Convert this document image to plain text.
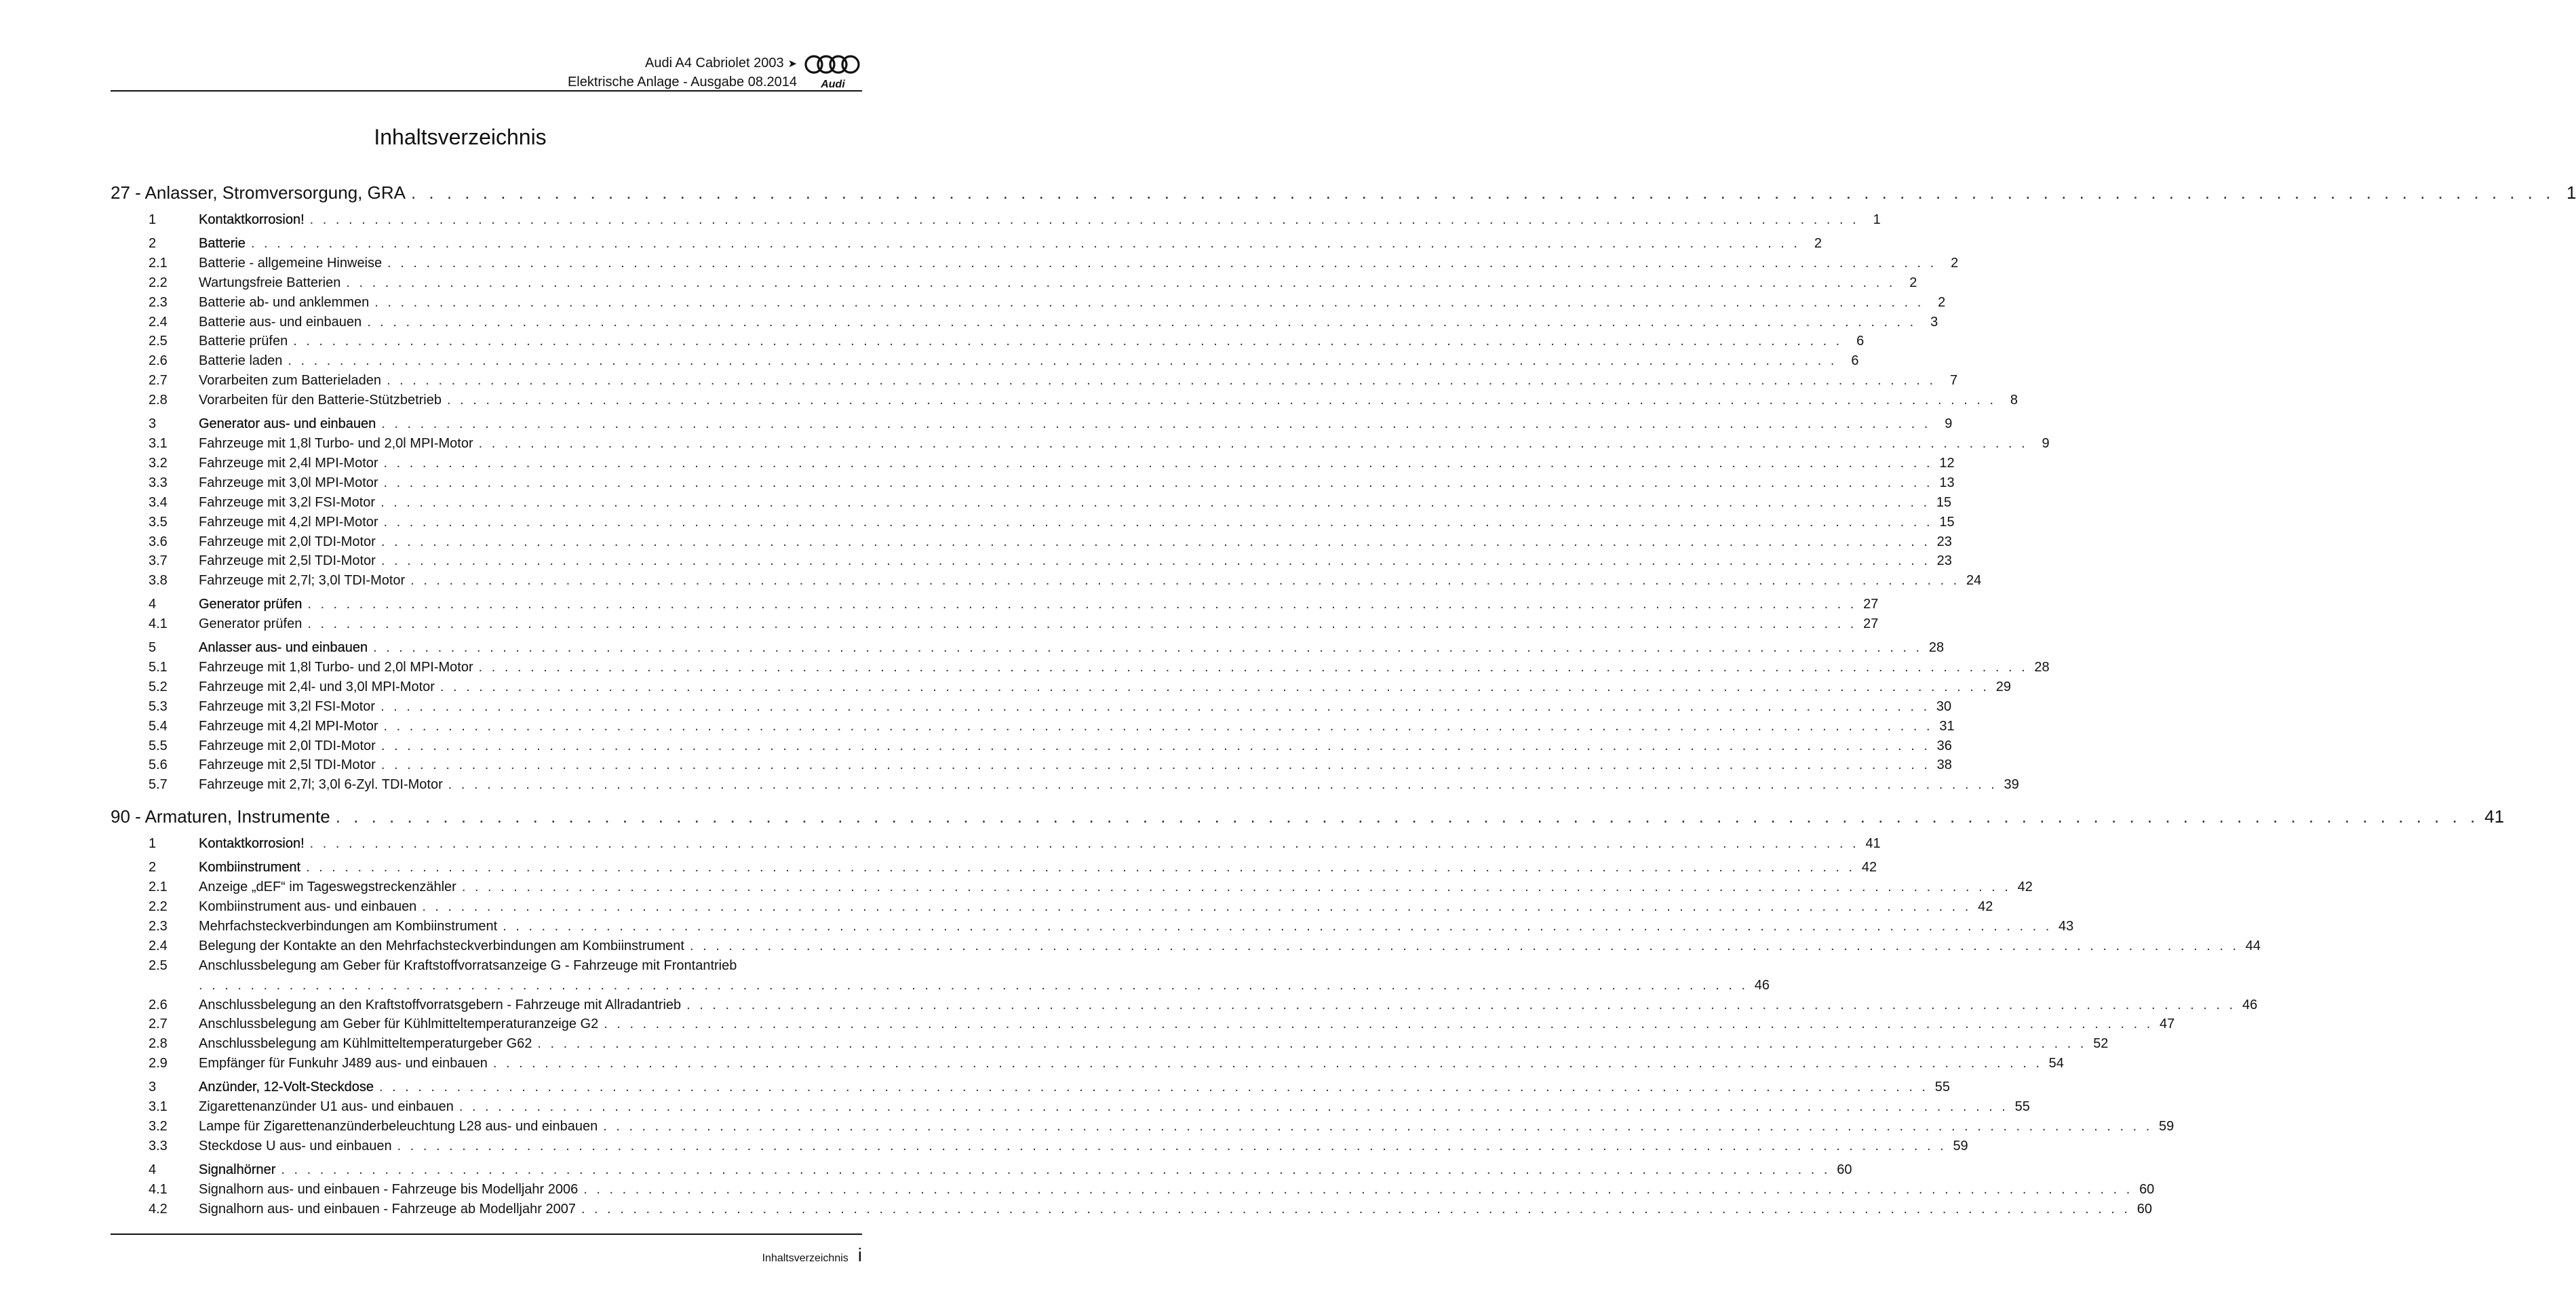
Audi A4 Cabriolet 2003 ➤
Elektrische Anlage - Ausgabe 08.2014 Audi
Inhaltsverzeichnis
27 - Anlasser, Stromversorgung, GRA . . . . . . . . . . . . . . . . . . . . . . . . . . . . . . . . . . . . . . . . . . . . . . . . . . . . . . . . . . . . . . . . . . . . . . . . . . . . . . . . . . . . . . . . . . . . . . . . . . . . . . . . . . . . . . . . . . . . . . . . 1
1	Kontaktkorrosion! . . . . . . . . . . . . . . . . . . . . . . . . . . . . . . . . . . . . . . . . . . . . . . . . . . . . . . . . . . . . . . . . . . . . . . . . . . . . . . . . . . . . . . . . . . . . . . . . . . . . . . . . . . . . . . . . . . . . . . . .	1
2	Batterie . . . . . . . . . . . . . . . . . . . . . . . . . . . . . . . . . . . . . . . . . . . . . . . . . . . . . . . . . . . . . . . . . . . . . . . . . . . . . . . . . . . . . . . . . . . . . . . . . . . . . . . . . . . . . . . . . . . . . . . .	2
2.1	Batterie - allgemeine Hinweise . . . . . . . . . . . . . . . . . . . . . . . . . . . . . . . . . . . . . . . . . . . . . . . . . . . . . . . . . . . . . . . . . . . . . . . . . . . . . . . . . . . . . . . . . . . . . . . . . . . . . . . . . . . . . . . . . . . . . . . .	2
2.2	Wartungsfreie Batterien . . . . . . . . . . . . . . . . . . . . . . . . . . . . . . . . . . . . . . . . . . . . . . . . . . . . . . . . . . . . . . . . . . . . . . . . . . . . . . . . . . . . . . . . . . . . . . . . . . . . . . . . . . . . . . . . . . . . . . . .	2
2.3	Batterie ab- und anklemmen . . . . . . . . . . . . . . . . . . . . . . . . . . . . . . . . . . . . . . . . . . . . . . . . . . . . . . . . . . . . . . . . . . . . . . . . . . . . . . . . . . . . . . . . . . . . . . . . . . . . . . . . . . . . . . . . . . . . . . . .	2
2.4	Batterie aus- und einbauen . . . . . . . . . . . . . . . . . . . . . . . . . . . . . . . . . . . . . . . . . . . . . . . . . . . . . . . . . . . . . . . . . . . . . . . . . . . . . . . . . . . . . . . . . . . . . . . . . . . . . . . . . . . . . . . . . . . . . . . .	3
2.5	Batterie prüfen . . . . . . . . . . . . . . . . . . . . . . . . . . . . . . . . . . . . . . . . . . . . . . . . . . . . . . . . . . . . . . . . . . . . . . . . . . . . . . . . . . . . . . . . . . . . . . . . . . . . . . . . . . . . . . . . . . . . . . . .	6
2.6	Batterie laden . . . . . . . . . . . . . . . . . . . . . . . . . . . . . . . . . . . . . . . . . . . . . . . . . . . . . . . . . . . . . . . . . . . . . . . . . . . . . . . . . . . . . . . . . . . . . . . . . . . . . . . . . . . . . . . . . . . . . . . .	6
2.7	Vorarbeiten zum Batterieladen . . . . . . . . . . . . . . . . . . . . . . . . . . . . . . . . . . . . . . . . . . . . . . . . . . . . . . . . . . . . . . . . . . . . . . . . . . . . . . . . . . . . . . . . . . . . . . . . . . . . . . . . . . . . . . . . . . . . . . . .	7
2.8	Vorarbeiten für den Batterie-Stützbetrieb . . . . . . . . . . . . . . . . . . . . . . . . . . . . . . . . . . . . . . . . . . . . . . . . . . . . . . . . . . . . . . . . . . . . . . . . . . . . . . . . . . . . . . . . . . . . . . . . . . . . . . . . . . . . . . . . . . . . . . . .	8
3	Generator aus- und einbauen . . . . . . . . . . . . . . . . . . . . . . . . . . . . . . . . . . . . . . . . . . . . . . . . . . . . . . . . . . . . . . . . . . . . . . . . . . . . . . . . . . . . . . . . . . . . . . . . . . . . . . . . . . . . . . . . . . . . . . . .	9
3.1	Fahrzeuge mit 1,8l Turbo- und 2,0l MPI-Motor . . . . . . . . . . . . . . . . . . . . . . . . . . . . . . . . . . . . . . . . . . . . . . . . . . . . . . . . . . . . . . . . . . . . . . . . . . . . . . . . . . . . . . . . . . . . . . . . . . . . . . . . . . . . . . . . . . . . . . . .	9
3.2	Fahrzeuge mit 2,4l MPI-Motor . . . . . . . . . . . . . . . . . . . . . . . . . . . . . . . . . . . . . . . . . . . . . . . . . . . . . . . . . . . . . . . . . . . . . . . . . . . . . . . . . . . . . . . . . . . . . . . . . . . . . . . . . . . . . . . . . . . . . . . . 12
3.3	Fahrzeuge mit 3,0l MPI-Motor . . . . . . . . . . . . . . . . . . . . . . . . . . . . . . . . . . . . . . . . . . . . . . . . . . . . . . . . . . . . . . . . . . . . . . . . . . . . . . . . . . . . . . . . . . . . . . . . . . . . . . . . . . . . . . . . . . . . . . . . 13
3.4	Fahrzeuge mit 3,2l FSI-Motor . . . . . . . . . . . . . . . . . . . . . . . . . . . . . . . . . . . . . . . . . . . . . . . . . . . . . . . . . . . . . . . . . . . . . . . . . . . . . . . . . . . . . . . . . . . . . . . . . . . . . . . . . . . . . . . . . . . . . . . . 15
3.5	Fahrzeuge mit 4,2l MPI-Motor . . . . . . . . . . . . . . . . . . . . . . . . . . . . . . . . . . . . . . . . . . . . . . . . . . . . . . . . . . . . . . . . . . . . . . . . . . . . . . . . . . . . . . . . . . . . . . . . . . . . . . . . . . . . . . . . . . . . . . . . 15
3.6	Fahrzeuge mit 2,0l TDI-Motor . . . . . . . . . . . . . . . . . . . . . . . . . . . . . . . . . . . . . . . . . . . . . . . . . . . . . . . . . . . . . . . . . . . . . . . . . . . . . . . . . . . . . . . . . . . . . . . . . . . . . . . . . . . . . . . . . . . . . . . . 23
3.7	Fahrzeuge mit 2,5l TDI-Motor . . . . . . . . . . . . . . . . . . . . . . . . . . . . . . . . . . . . . . . . . . . . . . . . . . . . . . . . . . . . . . . . . . . . . . . . . . . . . . . . . . . . . . . . . . . . . . . . . . . . . . . . . . . . . . . . . . . . . . . . 23
3.8	Fahrzeuge mit 2,7l; 3,0l TDI-Motor . . . . . . . . . . . . . . . . . . . . . . . . . . . . . . . . . . . . . . . . . . . . . . . . . . . . . . . . . . . . . . . . . . . . . . . . . . . . . . . . . . . . . . . . . . . . . . . . . . . . . . . . . . . . . . . . . . . . . . . . 24
4	Generator prüfen . . . . . . . . . . . . . . . . . . . . . . . . . . . . . . . . . . . . . . . . . . . . . . . . . . . . . . . . . . . . . . . . . . . . . . . . . . . . . . . . . . . . . . . . . . . . . . . . . . . . . . . . . . . . . . . . . . . . . . . . 27
4.1	Generator prüfen . . . . . . . . . . . . . . . . . . . . . . . . . . . . . . . . . . . . . . . . . . . . . . . . . . . . . . . . . . . . . . . . . . . . . . . . . . . . . . . . . . . . . . . . . . . . . . . . . . . . . . . . . . . . . . . . . . . . . . . . 27
5	Anlasser aus- und einbauen . . . . . . . . . . . . . . . . . . . . . . . . . . . . . . . . . . . . . . . . . . . . . . . . . . . . . . . . . . . . . . . . . . . . . . . . . . . . . . . . . . . . . . . . . . . . . . . . . . . . . . . . . . . . . . . . . . . . . . . . 28
5.1	Fahrzeuge mit 1,8l Turbo- und 2,0l MPI-Motor . . . . . . . . . . . . . . . . . . . . . . . . . . . . . . . . . . . . . . . . . . . . . . . . . . . . . . . . . . . . . . . . . . . . . . . . . . . . . . . . . . . . . . . . . . . . . . . . . . . . . . . . . . . . . . . . . . . . . . . . 28
5.2	Fahrzeuge mit 2,4l- und 3,0l MPI-Motor . . . . . . . . . . . . . . . . . . . . . . . . . . . . . . . . . . . . . . . . . . . . . . . . . . . . . . . . . . . . . . . . . . . . . . . . . . . . . . . . . . . . . . . . . . . . . . . . . . . . . . . . . . . . . . . . . . . . . . . . 29
5.3	Fahrzeuge mit 3,2l FSI-Motor . . . . . . . . . . . . . . . . . . . . . . . . . . . . . . . . . . . . . . . . . . . . . . . . . . . . . . . . . . . . . . . . . . . . . . . . . . . . . . . . . . . . . . . . . . . . . . . . . . . . . . . . . . . . . . . . . . . . . . . . 30
5.4	Fahrzeuge mit 4,2l MPI-Motor . . . . . . . . . . . . . . . . . . . . . . . . . . . . . . . . . . . . . . . . . . . . . . . . . . . . . . . . . . . . . . . . . . . . . . . . . . . . . . . . . . . . . . . . . . . . . . . . . . . . . . . . . . . . . . . . . . . . . . . . 31
5.5	Fahrzeuge mit 2,0l TDI-Motor . . . . . . . . . . . . . . . . . . . . . . . . . . . . . . . . . . . . . . . . . . . . . . . . . . . . . . . . . . . . . . . . . . . . . . . . . . . . . . . . . . . . . . . . . . . . . . . . . . . . . . . . . . . . . . . . . . . . . . . . 36
5.6	Fahrzeuge mit 2,5l TDI-Motor . . . . . . . . . . . . . . . . . . . . . . . . . . . . . . . . . . . . . . . . . . . . . . . . . . . . . . . . . . . . . . . . . . . . . . . . . . . . . . . . . . . . . . . . . . . . . . . . . . . . . . . . . . . . . . . . . . . . . . . . 38
5.7	Fahrzeuge mit 2,7l; 3,0l 6-Zyl. TDI-Motor . . . . . . . . . . . . . . . . . . . . . . . . . . . . . . . . . . . . . . . . . . . . . . . . . . . . . . . . . . . . . . . . . . . . . . . . . . . . . . . . . . . . . . . . . . . . . . . . . . . . . . . . . . . . . . . . . . . . . . . . 39
90 - Armaturen, Instrumente . . . . . . . . . . . . . . . . . . . . . . . . . . . . . . . . . . . . . . . . . . . . . . . . . . . . . . . . . . . . . . . . . . . . . . . . . . . . . . . . . . . . . . . . . . . . . . . . . . . . . . . . . . . . . . . . . . . . . . . . 41
1	Kontaktkorrosion! . . . . . . . . . . . . . . . . . . . . . . . . . . . . . . . . . . . . . . . . . . . . . . . . . . . . . . . . . . . . . . . . . . . . . . . . . . . . . . . . . . . . . . . . . . . . . . . . . . . . . . . . . . . . . . . . . . . . . . . . 41
2	Kombiinstrument . . . . . . . . . . . . . . . . . . . . . . . . . . . . . . . . . . . . . . . . . . . . . . . . . . . . . . . . . . . . . . . . . . . . . . . . . . . . . . . . . . . . . . . . . . . . . . . . . . . . . . . . . . . . . . . . . . . . . . . . 42
2.1	Anzeige „dEF“ im Tageswegstreckenzähler . . . . . . . . . . . . . . . . . . . . . . . . . . . . . . . . . . . . . . . . . . . . . . . . . . . . . . . . . . . . . . . . . . . . . . . . . . . . . . . . . . . . . . . . . . . . . . . . . . . . . . . . . . . . . . . . . . . . . . . . 42
2.2	Kombiinstrument aus- und einbauen . . . . . . . . . . . . . . . . . . . . . . . . . . . . . . . . . . . . . . . . . . . . . . . . . . . . . . . . . . . . . . . . . . . . . . . . . . . . . . . . . . . . . . . . . . . . . . . . . . . . . . . . . . . . . . . . . . . . . . . . 42
2.3	Mehrfachsteckverbindungen am Kombiinstrument . . . . . . . . . . . . . . . . . . . . . . . . . . . . . . . . . . . . . . . . . . . . . . . . . . . . . . . . . . . . . . . . . . . . . . . . . . . . . . . . . . . . . . . . . . . . . . . . . . . . . . . . . . . . . . . . . . . . . . . . 43
2.4	Belegung der Kontakte an den Mehrfachsteckverbindungen am Kombiinstrument . . . . . . . . . . . . . . . . . . . . . . . . . . . . . . . . . . . . . . . . . . . . . . . . . . . . . . . . . . . . . . . . . . . . . . . . . . . . . . . . . . . . . . . . . . . . . . . . . . . . . . . . . . . . . . . . . . . . . . . . 44
2.5	Anschlussbelegung am Geber für Kraftstoffvorratsanzeige G - Fahrzeuge mit Frontantrieb
. . . . . . . . . . . . . . . . . . . . . . . . . . . . . . . . . . . . . . . . . . . . . . . . . . . . . . . . . . . . . . . . . . . . . . . . . . . . . . . . . . . . . . . . . . . . . . . . . . . . . . . . . . . . . . . . . . . . . . . . 46
2.6	Anschlussbelegung an den Kraftstoffvorratsgebern - Fahrzeuge mit Allradantrieb . . . . . . . . . . . . . . . . . . . . . . . . . . . . . . . . . . . . . . . . . . . . . . . . . . . . . . . . . . . . . . . . . . . . . . . . . . . . . . . . . . . . . . . . . . . . . . . . . . . . . . . . . . . . . . . . . . . . . . . . 46
2.7	Anschlussbelegung am Geber für Kühlmitteltemperaturanzeige G2 . . . . . . . . . . . . . . . . . . . . . . . . . . . . . . . . . . . . . . . . . . . . . . . . . . . . . . . . . . . . . . . . . . . . . . . . . . . . . . . . . . . . . . . . . . . . . . . . . . . . . . . . . . . . . . . . . . . . . . . . 47
2.8	Anschlussbelegung am Kühlmitteltemperaturgeber G62 . . . . . . . . . . . . . . . . . . . . . . . . . . . . . . . . . . . . . . . . . . . . . . . . . . . . . . . . . . . . . . . . . . . . . . . . . . . . . . . . . . . . . . . . . . . . . . . . . . . . . . . . . . . . . . . . . . . . . . . . 52
2.9	Empfänger für Funkuhr J489 aus- und einbauen . . . . . . . . . . . . . . . . . . . . . . . . . . . . . . . . . . . . . . . . . . . . . . . . . . . . . . . . . . . . . . . . . . . . . . . . . . . . . . . . . . . . . . . . . . . . . . . . . . . . . . . . . . . . . . . . . . . . . . . . 54
3	Anzünder, 12-Volt-Steckdose . . . . . . . . . . . . . . . . . . . . . . . . . . . . . . . . . . . . . . . . . . . . . . . . . . . . . . . . . . . . . . . . . . . . . . . . . . . . . . . . . . . . . . . . . . . . . . . . . . . . . . . . . . . . . . . . . . . . . . . . 55
3.1	Zigarettenanzünder U1 aus- und einbauen . . . . . . . . . . . . . . . . . . . . . . . . . . . . . . . . . . . . . . . . . . . . . . . . . . . . . . . . . . . . . . . . . . . . . . . . . . . . . . . . . . . . . . . . . . . . . . . . . . . . . . . . . . . . . . . . . . . . . . . . 55
3.2	Lampe für Zigarettenanzünderbeleuchtung L28 aus- und einbauen . . . . . . . . . . . . . . . . . . . . . . . . . . . . . . . . . . . . . . . . . . . . . . . . . . . . . . . . . . . . . . . . . . . . . . . . . . . . . . . . . . . . . . . . . . . . . . . . . . . . . . . . . . . . . . . . . . . . . . . . 59
3.3	Steckdose U aus- und einbauen . . . . . . . . . . . . . . . . . . . . . . . . . . . . . . . . . . . . . . . . . . . . . . . . . . . . . . . . . . . . . . . . . . . . . . . . . . . . . . . . . . . . . . . . . . . . . . . . . . . . . . . . . . . . . . . . . . . . . . . . 59
4	Signalhörner . . . . . . . . . . . . . . . . . . . . . . . . . . . . . . . . . . . . . . . . . . . . . . . . . . . . . . . . . . . . . . . . . . . . . . . . . . . . . . . . . . . . . . . . . . . . . . . . . . . . . . . . . . . . . . . . . . . . . . . . 60
4.1	Signalhorn aus- und einbauen - Fahrzeuge bis Modelljahr 2006 . . . . . . . . . . . . . . . . . . . . . . . . . . . . . . . . . . . . . . . . . . . . . . . . . . . . . . . . . . . . . . . . . . . . . . . . . . . . . . . . . . . . . . . . . . . . . . . . . . . . . . . . . . . . . . . . . . . . . . . . 60
4.2	Signalhorn aus- und einbauen - Fahrzeuge ab Modelljahr 2007 . . . . . . . . . . . . . . . . . . . . . . . . . . . . . . . . . . . . . . . . . . . . . . . . . . . . . . . . . . . . . . . . . . . . . . . . . . . . . . . . . . . . . . . . . . . . . . . . . . . . . . . . . . . . . . . . . . . . . . . . 60
Inhaltsverzeichnis i
